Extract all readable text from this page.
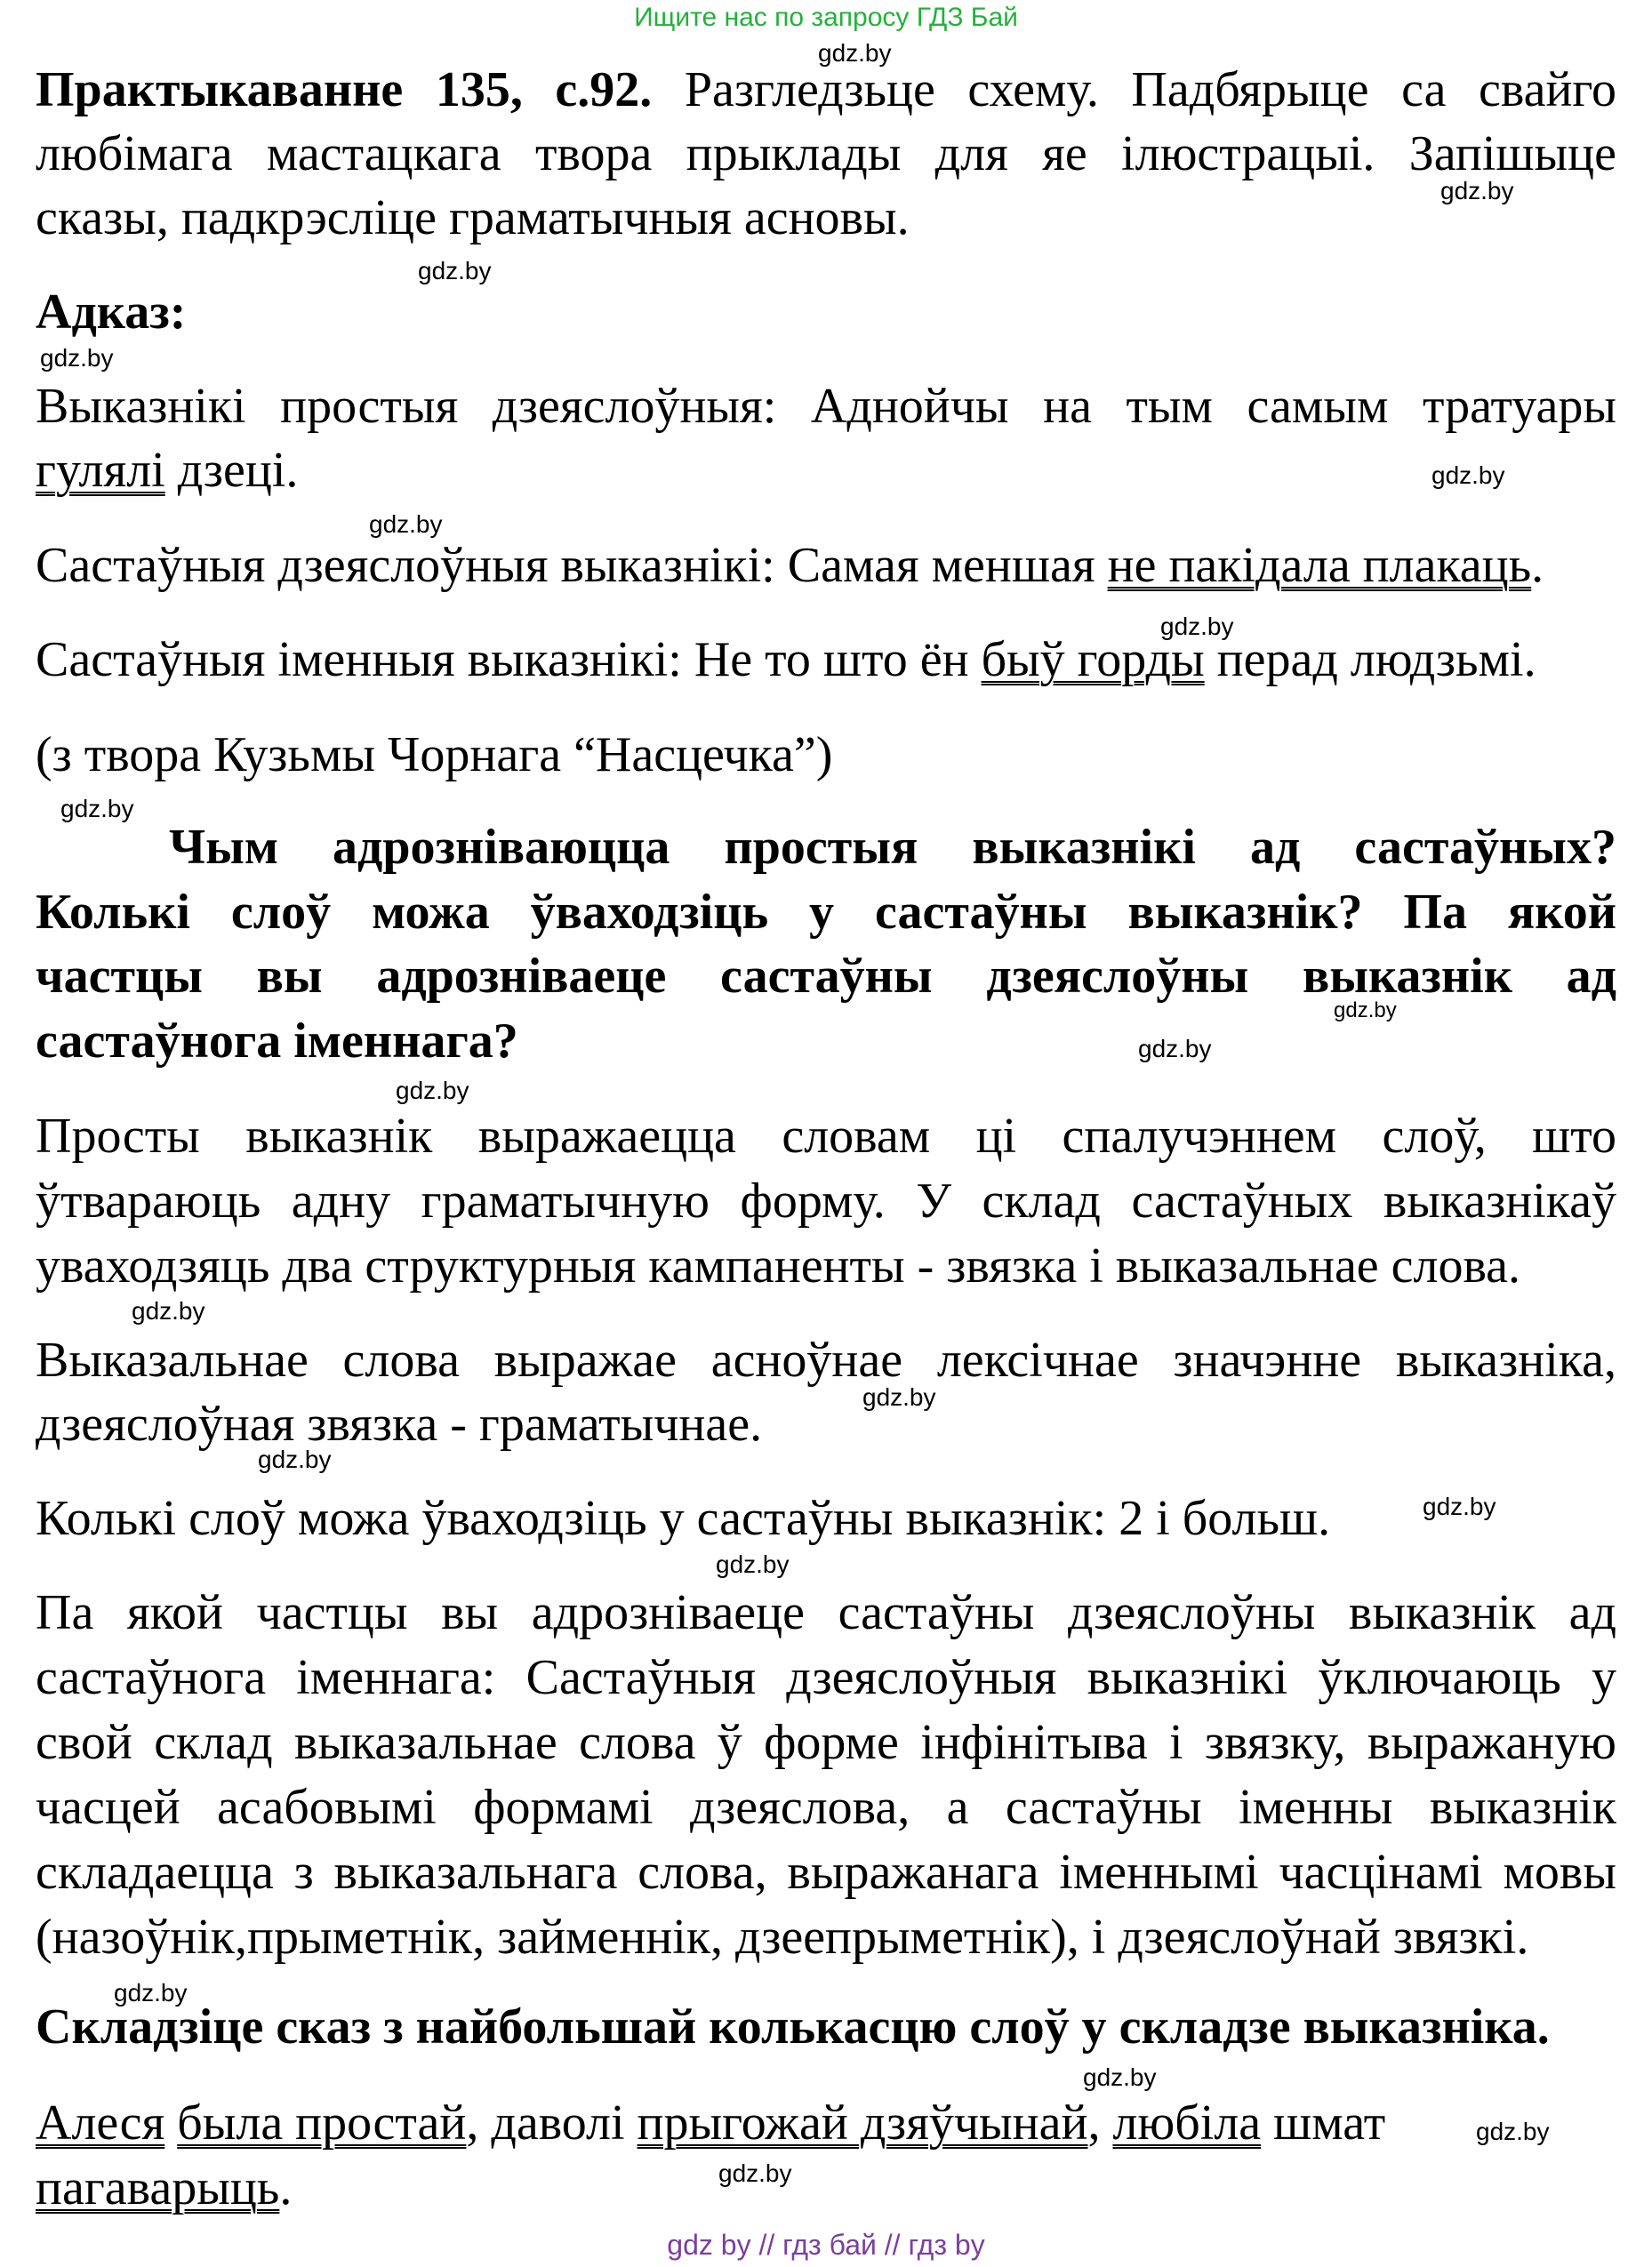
Ищите нас по запросу ГДЗ Бай
gdz.by
gdz.by
gdz.by
gdz.by
gdz.by
gdz.by
gdz.by
gdz.by
gdz.by
gdz.by
gdz.by
gdz.by
gdz.by
gdz.by
gdz.by
gdz.by
gdz.by
gdz.by
gdz.by
gdz.by
Практыкаванне 135, с.92. Разгледзьце схему. Падбярыце са свайго
любімага мастацкага твора прыклады для яе ілюстрацыі. Запішыце
сказы, падкрэсліце граматычныя асновы.
Адказ:
Выказнікі простыя дзеяслоўныя: Аднойчы на тым самым тратуары
гулялі дзеці.
Састаўныя дзеяслоўныя выказнікі: Самая меншая не пакідала плакаць.
Састаўныя іменныя выказнікі: Не то што ён быў горды перад людзьмі.
(з твора Кузьмы Чорнага “Насцечка”)
Чым адрозніваюцца простыя выказнікі ад састаўных?
Колькі слоў можа ўваходзіць у састаўны выказнік? Па якой
частцы вы адрозніваеце састаўны дзеяслоўны выказнік ад
састаўнога іменнага?
Просты выказнік выражаецца словам ці спалучэннем слоў, што
ўтвараюць адну граматычную форму. У склад састаўных выказнікаў
уваходзяць два структурныя кампаненты - звязка і выказальнае слова.
Выказальнае слова выражае асноўнае лексічнае значэнне выказніка,
дзеяслоўная звязка - граматычнае.
Колькі слоў можа ўваходзіць у састаўны выказнік: 2 і больш.
Па якой частцы вы адрозніваеце састаўны дзеяслоўны выказнік ад
састаўнога іменнага: Састаўныя дзеяслоўныя выказнікі ўключаюць у
свой склад выказальнае слова ў форме інфінітыва і звязку, выражаную
часцей асабовымі формамі дзеяслова, а састаўны іменны выказнік
складаецца з выказальнага слова, выражанага іменнымі часцінамі мовы
(назоўнік,прыметнік, займеннік, дзеепрыметнік), і дзеяслоўнай звязкі.
Складзіце сказ з найбольшай колькасцю слоў у складзе выказніка.
Алеся была простай, даволі прыгожай дзяўчынай, любіла шмат
пагаварыць.
gdz by // гдз бай // гдз by
